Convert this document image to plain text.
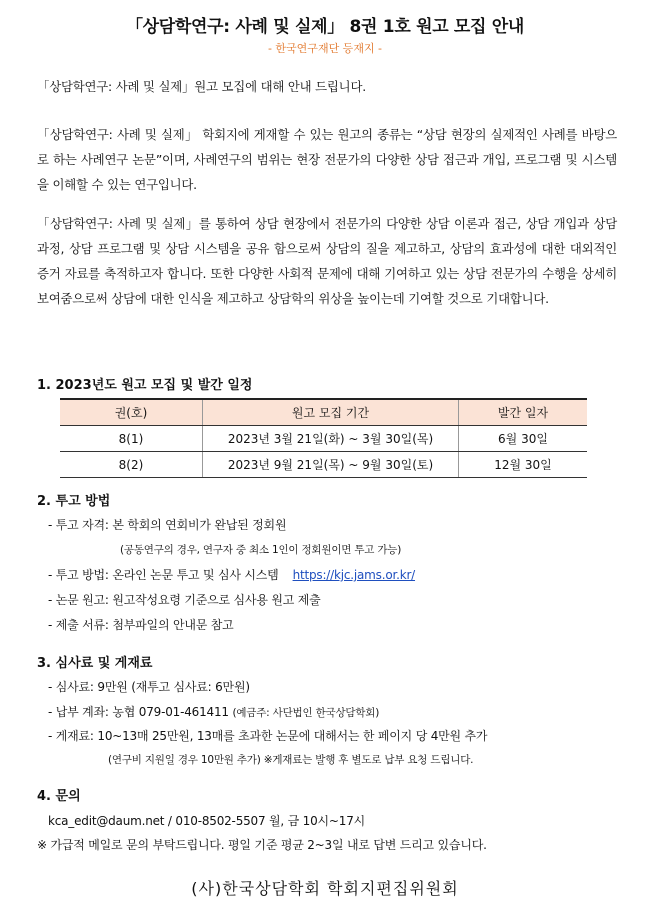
「상담학연구: 사례 및 실제」 8권 1호 원고 모집 안내
- 한국연구재단 등재지 -
「상담학연구: 사례 및 실제」원고 모집에 대해 안내 드립니다.
「상담학연구: 사례 및 실제」 학회지에 게재할 수 있는 원고의 종류는 “상담 현장의 실제적인 사례를 바탕으로 하는 사례연구 논문”이며, 사례연구의 범위는 현장 전문가의 다양한 상담 접근과 개입, 프로그램 및 시스템을 이해할 수 있는 연구입니다.
「상담학연구: 사례 및 실제」를 통하여 상담 현장에서 전문가의 다양한 상담 이론과 접근, 상담 개입과 상담 과정, 상담 프로그램 및 상담 시스템을 공유 함으로써 상담의 질을 제고하고, 상담의 효과성에 대한 대외적인 증거 자료를 축적하고자 합니다. 또한 다양한 사회적 문제에 대해 기여하고 있는 상담 전문가의 수행을 상세히 보여줌으로써 상담에 대한 인식을 제고하고 상담학의 위상을 높이는데 기여할 것으로 기대합니다.
1. 2023년도 원고 모집 및 발간 일정
권(호)	원고 모집 기간	발간 일자
8(1)	2023년 3월 21일(화) ~ 3월 30일(목)	6월 30일
8(2)	2023년 9월 21일(목) ~ 9월 30일(토)	12월 30일
2. 투고 방법
- 투고 자격: 본 학회의 연회비가 완납된 정회원
(공동연구의 경우, 연구자 중 최소 1인이 정회원이면 투고 가능)
- 투고 방법: 온라인 논문 투고 및 심사 시스템 https://kjc.jams.or.kr/
- 논문 원고: 원고작성요령 기준으로 심사용 원고 제출
- 제출 서류: 첨부파일의 안내문 참고
3. 심사료 및 게재료
- 심사료: 9만원 (재투고 심사료: 6만원)
- 납부 계좌: 농협 079-01-461411 (예금주: 사단법인 한국상담학회)
- 게재료: 10~13매 25만원, 13매를 초과한 논문에 대해서는 한 페이지 당 4만원 추가
(연구비 지원일 경우 10만원 추가) ※게재료는 발행 후 별도로 납부 요청 드립니다.
4. 문의
kca_edit@daum.net / 010-8502-5507 월, 금 10시~17시
※ 가급적 메일로 문의 부탁드립니다. 평일 기준 평균 2~3일 내로 답변 드리고 있습니다.
(사)한국상담학회 학회지편집위원회
